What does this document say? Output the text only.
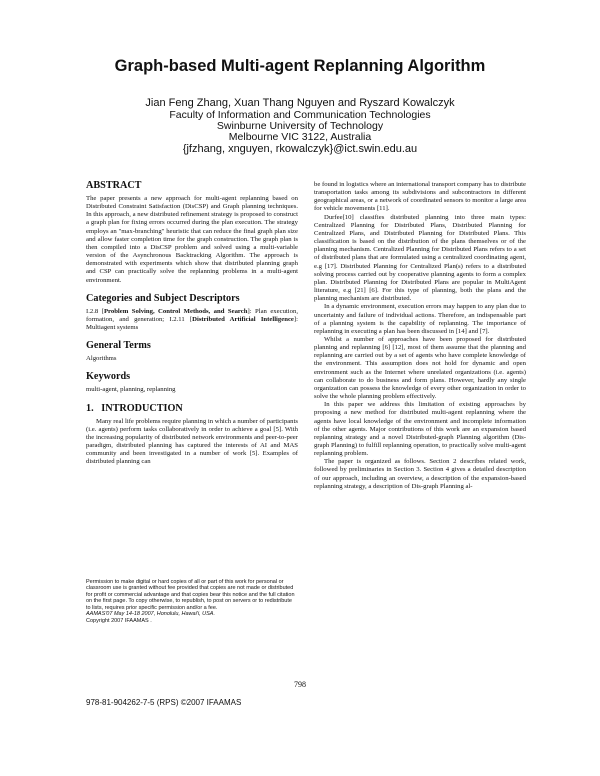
Graph-based Multi-agent Replanning Algorithm
Jian Feng Zhang, Xuan Thang Nguyen and Ryszard Kowalczyk
Faculty of Information and Communication Technologies
Swinburne University of Technology
Melbourne VIC 3122, Australia
{jfzhang, xnguyen, rkowalczyk}@ict.swin.edu.au
ABSTRACT

The paper presents a new approach for multi-agent replanning based on Distributed Constraint Satisfaction (DisCSP) and Graph planning techniques. In this approach, a new distributed refinement strategy is proposed to construct a graph plan for fixing errors occurred during the plan execution. The strategy employs an "max-branching" heuristic that can reduce the final graph plan size and allow faster completion time for the graph construction. The graph plan is then compiled into a DisCSP problem and solved using a multi-variable version of the Asynchronous Backtracking Algorithm. The approach is demonstrated with experiments which show that distributed planning graph and CSP can practically solve the replanning problems in a multi-agent environment.

Categories and Subject Descriptors

I.2.8 [Problem Solving, Control Methods, and Search]: Plan execution, formation, and generation; I.2.11 [Distributed Artificial Intelligence]: Multiagent systems

General Terms

Algorithms

Keywords

multi-agent, planning, replanning

1.   INTRODUCTION

Many real life problems require planning in which a number of participants (i.e. agents) perform tasks collaboratively in order to achieve a goal [5]. With the increasing popularity of distributed network environments and peer-to-peer paradigm, distributed planning has captured the interests of AI and MAS community and been investigated in a number of work [5]. Examples of distributed planning can

Permission to make digital or hard copies of all or part of this work for personal or classroom use is granted without fee provided that copies are not made or distributed for profit or commercial advantage and that copies bear this notice and the full citation on the first page. To copy otherwise, to republish, to post on servers or to redistribute to lists, requires prior specific permission and/or a fee.

AAMAS'07 May 14-18 2007, Honolulu, Hawai'i, USA.

Copyright 2007 IFAAMAS .

be found in logistics where an international transport company has to distribute transportation tasks among its subdivisions and subcontractors in different geographical areas, or a network of coordinated sensors to monitor a large area for vehicle movements [11].

Durfee[10] classifies distributed planning into three main types: Centralized Planning for Distributed Plans, Distributed Planning for Centralized Plans, and Distributed Planning for Distributed Plans. This classification is based on the distribution of the plans themselves or of the planning mechanism. Centralized Planning for Distributed Plans refers to a set of distributed plans that are formulated using a centralized coordinating agent, e.g [17]. Distributed Planning for Centralized Plan(s) refers to a distributed solving process carried out by cooperative planning agents to form a complex plan. Distributed Planning for Distributed Plans are popular in MultiAgent literature, e.g [21] [6]. For this type of planning, both the plans and the planning mechanism are distributed.

In a dynamic environment, execution errors may happen to any plan due to uncertainty and failure of individual actions. Therefore, an indispensable part of a planning system is the capability of replanning. The importance of replanning in executing a plan has been discussed in [14] and [7].

Whilst a number of approaches have been proposed for distributed planning and replanning [6] [12], most of them assume that the planning and replanning are carried out by a set of agents who have complete knowledge of the environment. This assumption does not hold for dynamic and open environment such as the Internet where unrelated organizations (i.e. agents) can collaborate to do business and form plans. However, hardly any single organization can possess the knowledge of every other organization in order to solve the whole planning problem effectively.

In this paper we address this limitation of existing approaches by proposing a new method for distributed multi-agent replanning where the agents have local knowledge of the environment and incomplete information of the other agents. Major contributions of this work are an expansion based replanning strategy and a novel Distributed-graph Planning algorithm (Dis-graph Planning) to fulfill replanning operation, to practically solve multi-agent replanning problem.

The paper is organized as follows. Section 2 describes related work, followed by preliminaries in Section 3. Section 4 gives a detailed description of our approach, including an overview, a description of the expansion-based replanning strategy, a description of Dis-graph Planning al-

798
978-81-904262-7-5 (RPS) ©2007 IFAAMAS
